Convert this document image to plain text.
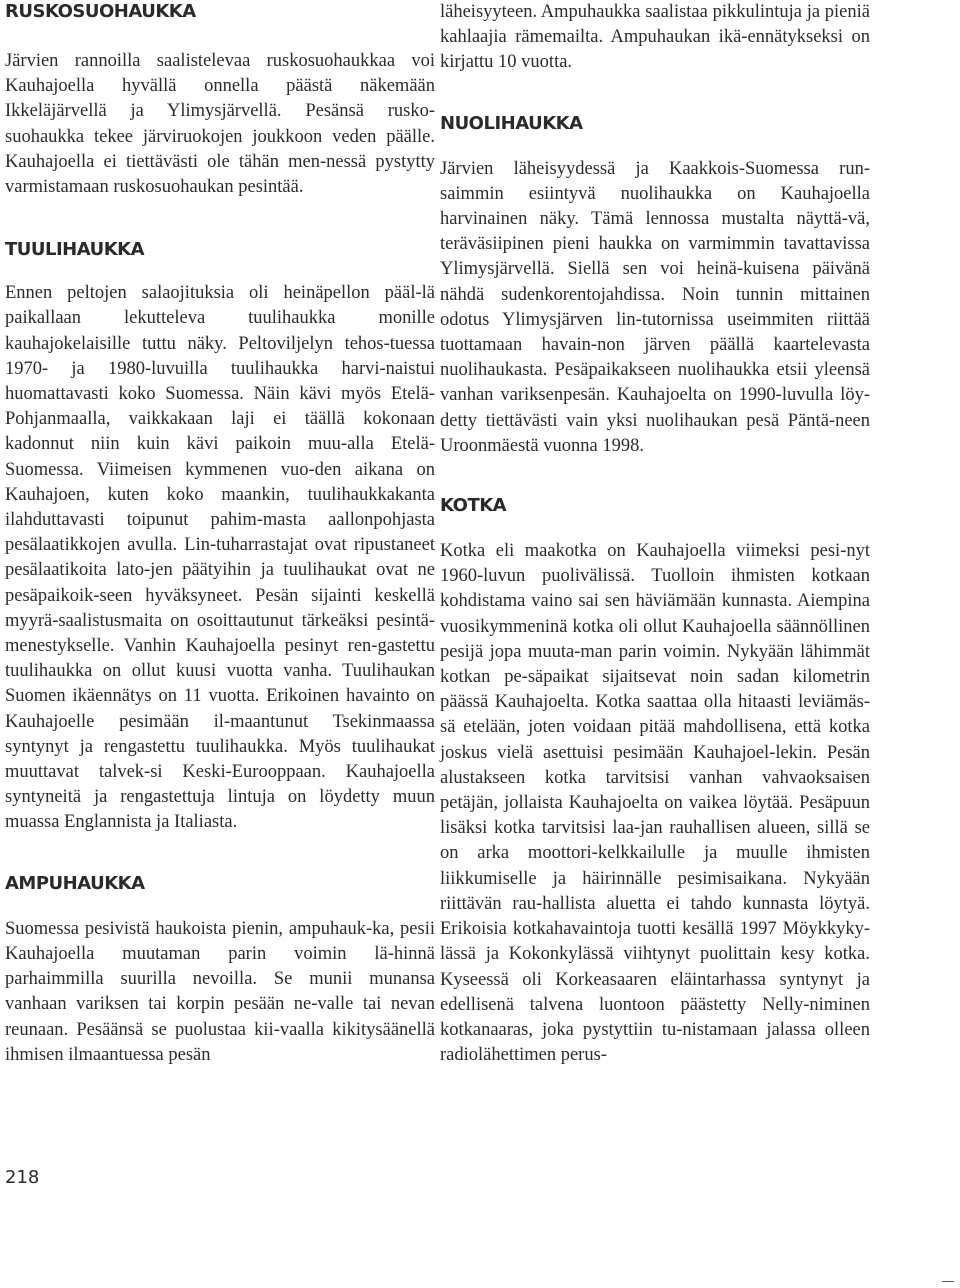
RUSKOSUOHAUKKA

Järvien rannoilla saalistelevaa ruskosuohaukkaa voi Kauhajoella hyvällä onnella päästä näkemään Ikkeläjärvellä ja Ylimysjärvellä. Pesänsä rusko-suohaukka tekee järviruokojen joukkoon veden päälle. Kauhajoella ei tiettävästi ole tähän men-nessä pystytty varmistamaan ruskosuohaukan pesintää.

TUULIHAUKKA

Ennen peltojen salaojituksia oli heinäpellon pääl-lä paikallaan lekutteleva tuulihaukka monille kauhajokelaisille tuttu näky. Peltoviljelyn tehos-tuessa 1970- ja 1980-luvuilla tuulihaukka harvi-naistui huomattavasti koko Suomessa. Näin kävi myös Etelä-Pohjanmaalla, vaikkakaan laji ei täällä kokonaan kadonnut niin kuin kävi paikoin muu-alla Etelä-Suomessa. Viimeisen kymmenen vuo-den aikana on Kauhajoen, kuten koko maankin, tuulihaukkakanta ilahduttavasti toipunut pahim-masta aallonpohjasta pesälaatikkojen avulla. Lin-tuharrastajat ovat ripustaneet pesälaatikoita lato-jen päätyihin ja tuulihaukat ovat ne pesäpaikoik-seen hyväksyneet. Pesän sijainti keskellä myyrä-saalistusmaita on osoittautunut tärkeäksi pesintä-menestykselle. Vanhin Kauhajoella pesinyt ren-gastettu tuulihaukka on ollut kuusi vuotta vanha. Tuulihaukan Suomen ikäennätys on 11 vuotta. Erikoinen havainto on Kauhajoelle pesimään il-maantunut Tsekinmaassa syntynyt ja rengastettu tuulihaukka. Myös tuulihaukat muuttavat talvek-si Keski-Eurooppaan. Kauhajoella syntyneitä ja rengastettuja lintuja on löydetty muun muassa Englannista ja Italiasta.

AMPUHAUKKA

Suomessa pesivistä haukoista pienin, ampuhauk-ka, pesii Kauhajoella muutaman parin voimin lä-hinnä parhaimmilla suurilla nevoilla. Se munii munansa vanhaan variksen tai korpin pesään ne-valle tai nevan reunaan. Pesäänsä se puolustaa kii-vaalla kikitysäänellä ihmisen ilmaantuessa pesän

läheisyyteen. Ampuhaukka saalistaa pikkulintuja ja pieniä kahlaajia rämemailta. Ampuhaukan ikä-ennätykseksi on kirjattu 10 vuotta.

NUOLIHAUKKA

Järvien läheisyydessä ja Kaakkois-Suomessa run-saimmin esiintyvä nuolihaukka on Kauhajoella harvinainen näky. Tämä lennossa mustalta näyttä-vä, teräväsiipinen pieni haukka on varmimmin tavattavissa Ylimysjärvellä. Siellä sen voi heinä-kuisena päivänä nähdä sudenkorentojahdissa. Noin tunnin mittainen odotus Ylimysjärven lin-tutornissa useimmiten riittää tuottamaan havain-non järven päällä kaartelevasta nuolihaukasta. Pesäpaikakseen nuolihaukka etsii yleensä vanhan variksenpesän. Kauhajoelta on 1990-luvulla löy-detty tiettävästi vain yksi nuolihaukan pesä Päntä-neen Uroonmäestä vuonna 1998.

KOTKA

Kotka eli maakotka on Kauhajoella viimeksi pesi-nyt 1960-luvun puolivälissä. Tuolloin ihmisten kotkaan kohdistama vaino sai sen häviämään kunnasta. Aiempina vuosikymmeninä kotka oli ollut Kauhajoella säännöllinen pesijä jopa muuta-man parin voimin. Nykyään lähimmät kotkan pe-säpaikat sijaitsevat noin sadan kilometrin päässä Kauhajoelta. Kotka saattaa olla hitaasti leviämäs-sä etelään, joten voidaan pitää mahdollisena, että kotka joskus vielä asettuisi pesimään Kauhajoel-lekin. Pesän alustakseen kotka tarvitsisi vanhan vahvaoksaisen petäjän, jollaista Kauhajoelta on vaikea löytää. Pesäpuun lisäksi kotka tarvitsisi laa-jan rauhallisen alueen, sillä se on arka moottori-kelkkailulle ja muulle ihmisten liikkumiselle ja häirinnälle pesimisaikana. Nykyään riittävän rau-hallista aluetta ei tahdo kunnasta löytyä. Erikoisia kotkahavaintoja tuotti kesällä 1997 Möykkyky-lässä ja Kokonkylässä viihtynyt puolittain kesy kotka. Kyseessä oli Korkeasaaren eläintarhassa syntynyt ja edellisenä talvena luontoon päästetty Nelly-niminen kotkanaaras, joka pystyttiin tu-nistamaan jalassa olleen radiolähettimen perus-

218
